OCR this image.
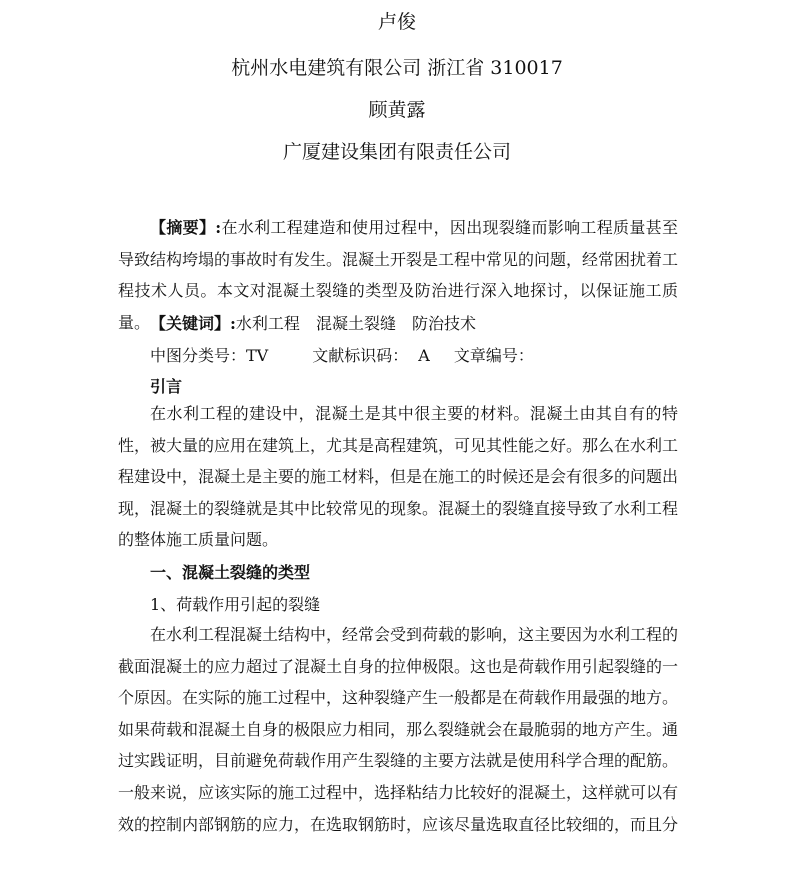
卢俊
杭州水电建筑有限公司 浙江省 310017
顾黄露
广厦建设集团有限责任公司

【摘要】:在水利工程建造和使用过程中，因出现裂缝而影响工程质量甚至导致结构垮塌的事故时有发生。混凝土开裂是工程中常见的问题，经常困扰着工程技术人员。本文对混凝土裂缝的类型及防治进行深入地探讨，以保证施工质量。 【关键词】:水利工程 混凝土裂缝 防治技术
中图分类号：TV	文献标识码： A 文章编号：
引言

在水利工程的建设中，混凝土是其中很主要的材料。混凝土由其自有的特性，被大量的应用在建筑上，尤其是高程建筑，可见其性能之好。那么在水利工程建设中，混凝土是主要的施工材料，但是在施工的时候还是会有很多的问题出现，混凝土的裂缝就是其中比较常见的现象。混凝土的裂缝直接导致了水利工程的整体施工质量问题。

一、混凝土裂缝的类型
1、荷载作用引起的裂缝

在水利工程混凝土结构中，经常会受到荷载的影响，这主要因为水利工程的截面混凝土的应力超过了混凝土自身的拉伸极限。这也是荷载作用引起裂缝的一个原因。在实际的施工过程中，这种裂缝产生一般都是在荷载作用最强的地方。如果荷载和混凝土自身的极限应力相同，那么裂缝就会在最脆弱的地方产生。通过实践证明，目前避免荷载作用产生裂缝的主要方法就是使用科学合理的配筋。一般来说，应该实际的施工过程中，选择粘结力比较好的混凝土，这样就可以有效的控制内部钢筋的应力，在选取钢筋时，应该尽量选取直径比较细的，而且分
